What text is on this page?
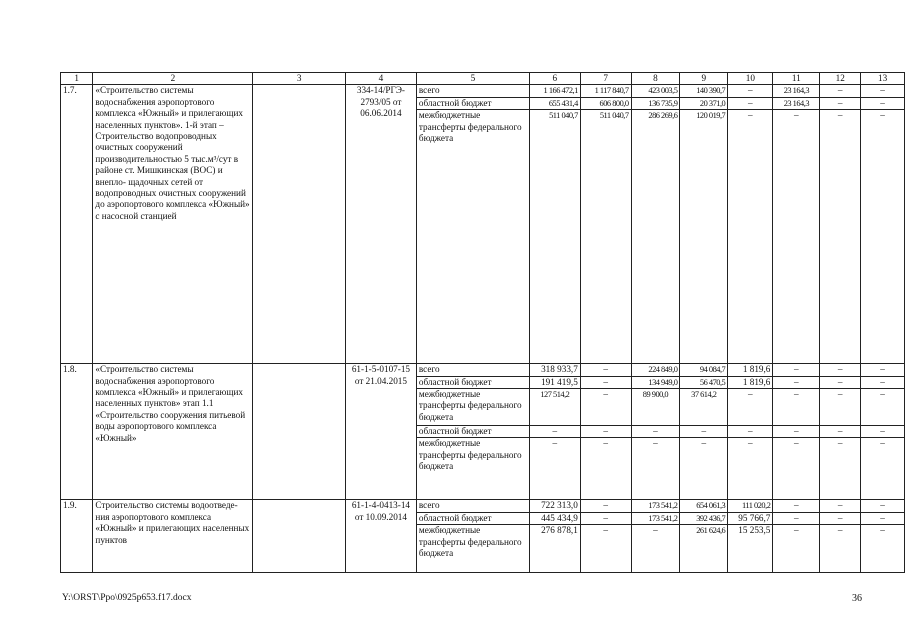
1	2	3	4	5	6	7	8	9	10	11	12	13
1.7.	«Строительство системы водоснабжения аэропортового комплекса «Южный» и прилегающих населенных пунктов». 1-й этап – Строительство водопроводных очистных сооружений производительностью 5 тыс.м³/сут в районе ст. Мишкинская (ВОС) и внепло- щадочных сетей от водопроводных очистных сооружений до аэропортового комплекса «Южный» с насосной станцией		334-14/РГЭ- 2793/05 от 06.06.2014	всего	1 166 472,1	1 117 840,7	423 003,5	140 390,7	–	23 164,3	–	–
				областной бюджет	655 431,4	606 800,0	136 735,9	20 371,0	–	23 164,3	–	–
				межбюджетные трансферты федерального бюджета	511 040,7	511 040,7	286 269,6	120 019,7	–	–	–	–
1.8.	«Строительство системы водоснабжения аэропортового комплекса «Южный» и прилегающих населенных пунктов» этап 1.1 «Строительство сооружения питьевой воды аэропортового комплекса «Южный»		61-1-5-0107-15 от 21.04.2015	всего	318 933,7	–	224 849,0	94 084,7	1 819,6	–	–	–
				областной бюджет	191 419,5	–	134 949,0	56 470,5	1 819,6	–	–	–
				межбюджетные трансферты федерального бюджета	127 514,2	–	89 900,0	37 614,2	–	–	–	–
				областной бюджет	–	–	–	–	–	–	–	–
				межбюджетные трансферты федерального бюджета	–	–	–	–	–	–	–	–
1.9.	Строительство системы водоотведе- ния аэропортового комплекса «Южный» и прилегающих населенных пунктов		61-1-4-0413-14 от 10.09.2014	всего	722 313,0	–	173 541,2	654 061,3	111 020,2	–	–	–
				областной бюджет	445 434,9	–	173 541,2	392 436,7	95 766,7	–	–	–
				межбюджетные трансферты федерального бюджета	276 878,1	–	–	261 624,6	15 253,5	–	–	–
Y:\ORST\Ppo\0925p653.f17.docx	36
